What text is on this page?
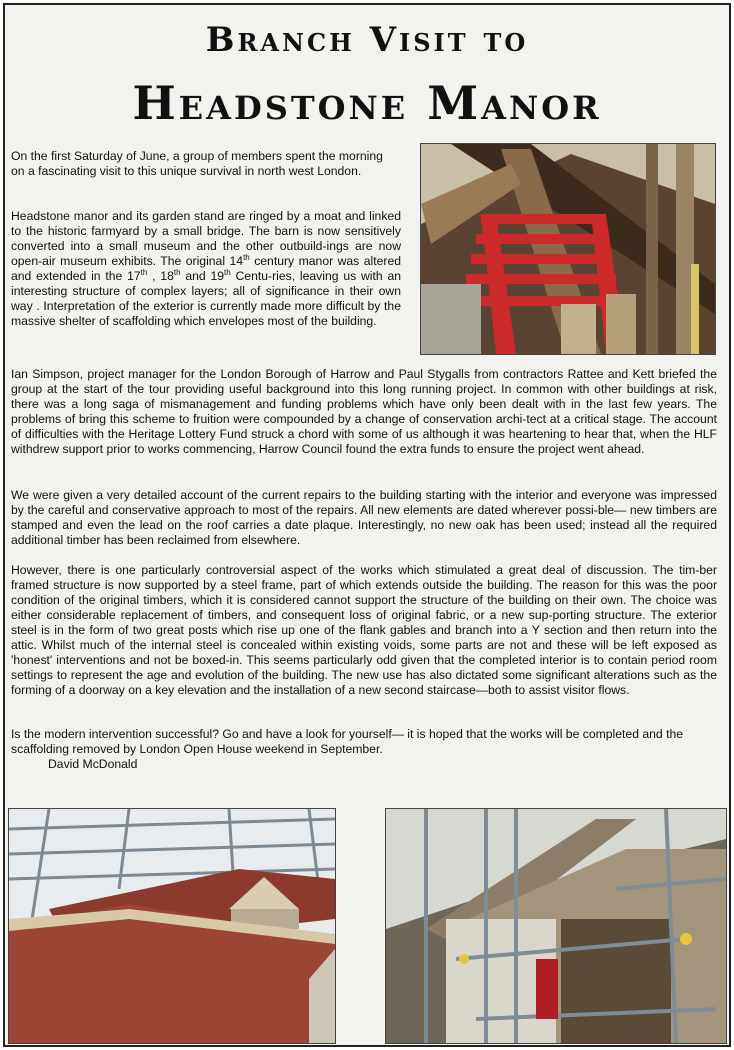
Branch Visit to
Headstone Manor
On the first Saturday of June, a group of members spent the morning on a fascinating visit to this unique survival in north west London.
Headstone manor and its garden stand are ringed by a moat and linked to the historic farmyard by a small bridge. The barn is now sensitively converted into a small museum and the other outbuild-ings are now open-air museum exhibits. The original 14th century manor was altered and extended in the 17th , 18th and 19th Centu-ries, leaving us with an interesting structure of complex layers; all of significance in their own way . Interpretation of the exterior is currently made more difficult by the massive shelter of scaffolding which envelopes most of the building.
Ian Simpson, project manager for the London Borough of Harrow and Paul Stygalls from contractors Rattee and Kett briefed the group at the start of the tour providing useful background into this long running project. In common with other buildings at risk, there was a long saga of mismanagement and funding problems which have only been dealt with in the last few years. The problems of bring this scheme to fruition were compounded by a change of conservation archi-tect at a critical stage. The account of difficulties with the Heritage Lottery Fund struck a chord with some of us although it was heartening to hear that, when the HLF withdrew support prior to works commencing, Harrow Council found the extra funds to ensure the project went ahead.
We were given a very detailed account of the current repairs to the building starting with the interior and everyone was impressed by the careful and conservative approach to most of the repairs. All new elements are dated wherever possi-ble— new timbers are stamped and even the lead on the roof carries a date plaque. Interestingly, no new oak has been used; instead all the required additional timber has been reclaimed from elsewhere.
However, there is one particularly controversial aspect of the works which stimulated a great deal of discussion. The tim-ber framed structure is now supported by a steel frame, part of which extends outside the building. The reason for this was the poor condition of the original timbers, which it is considered cannot support the structure of the building on their own. The choice was either considerable replacement of timbers, and consequent loss of original fabric, or a new sup-porting structure. The exterior steel is in the form of two great posts which rise up one of the flank gables and branch into a Y section and then return into the attic. Whilst much of the internal steel is concealed within existing voids, some parts are not and these will be left exposed as 'honest' interventions and not be boxed-in. This seems particularly odd given that the completed interior is to contain period room settings to represent the age and evolution of the building. The new use has also dictated some significant alterations such as the forming of a doorway on a key elevation and the installation of a new second staircase—both to assist visitor flows.
Is the modern intervention successful? Go and have a look for yourself— it is hoped that the works will be completed and the scaffolding removed by London Open House weekend in September.
David McDonald
